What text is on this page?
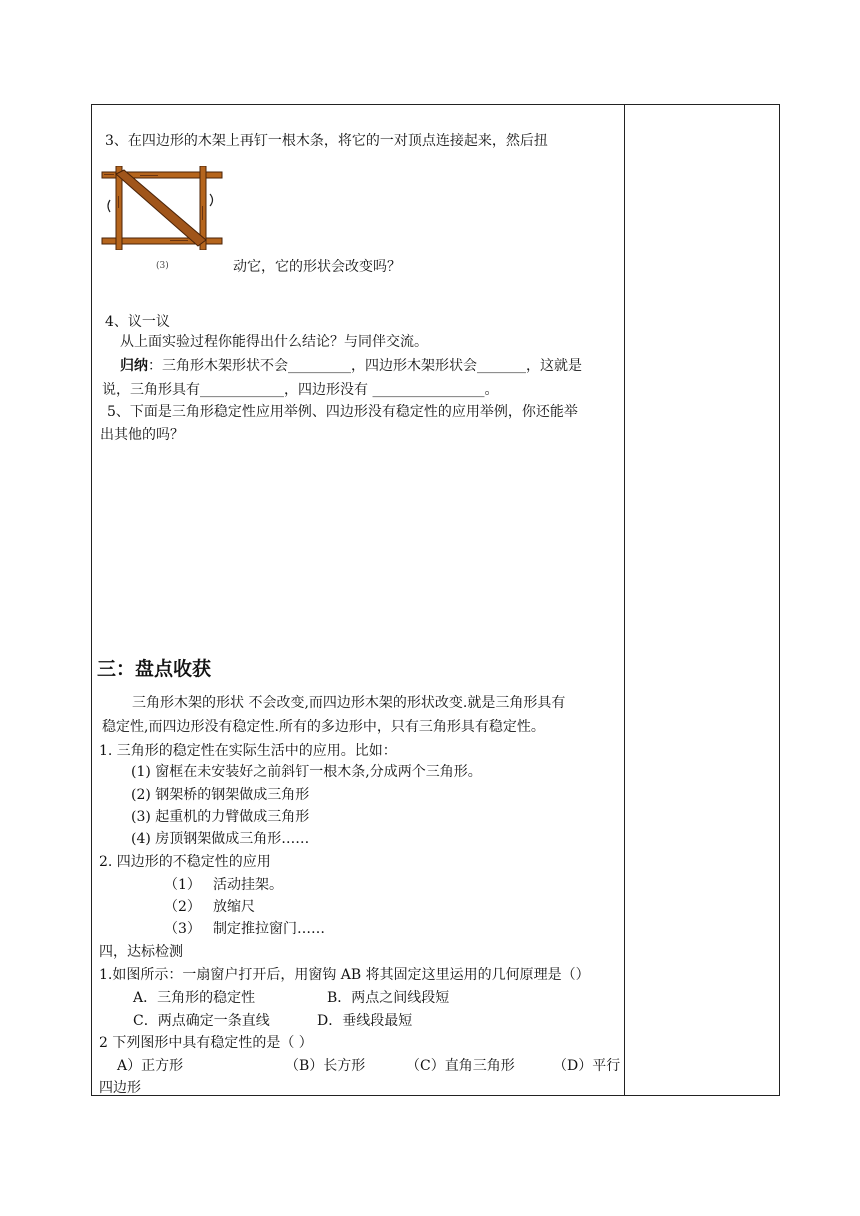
3、在四边形的木架上再钉一根木条，将它的一对顶点连接起来，然后扭
(3)	动它，它的形状会改变吗？
4、议一议
从上面实验过程你能得出什么结论？与同伴交流。
归纳：三角形木架形状不会_________，四边形木架形状会_______，这就是
说，三角形具有____________，四边形没有 ________________。
5、下面是三角形稳定性应用举例、四边形没有稳定性的应用举例，你还能举
出其他的吗？
三：盘点收获
三角形木架的形状 不会改变,而四边形木架的形状改变.就是三角形具有
稳定性,而四边形没有稳定性.所有的多边形中，只有三角形具有稳定性。
1. 三角形的稳定性在实际生活中的应用。比如：
(1) 窗框在未安装好之前斜钉一根木条,分成两个三角形。
(2) 钢架桥的钢架做成三角形
(3) 起重机的力臂做成三角形
(4) 房顶钢架做成三角形……
2. 四边形的不稳定性的应用
（1） 活动挂架。
（2） 放缩尺
（3） 制定推拉窗门……
四，达标检测
1.如图所示：一扇窗户打开后，用窗钩 AB 将其固定这里运用的几何原理是（）
A．三角形的稳定性	B．两点之间线段短
C．两点确定一条直线	D．垂线段最短
2 下列图形中具有稳定性的是（ ）
A）正方形	（B）长方形	（C）直角三角形	（D）平行
四边形
